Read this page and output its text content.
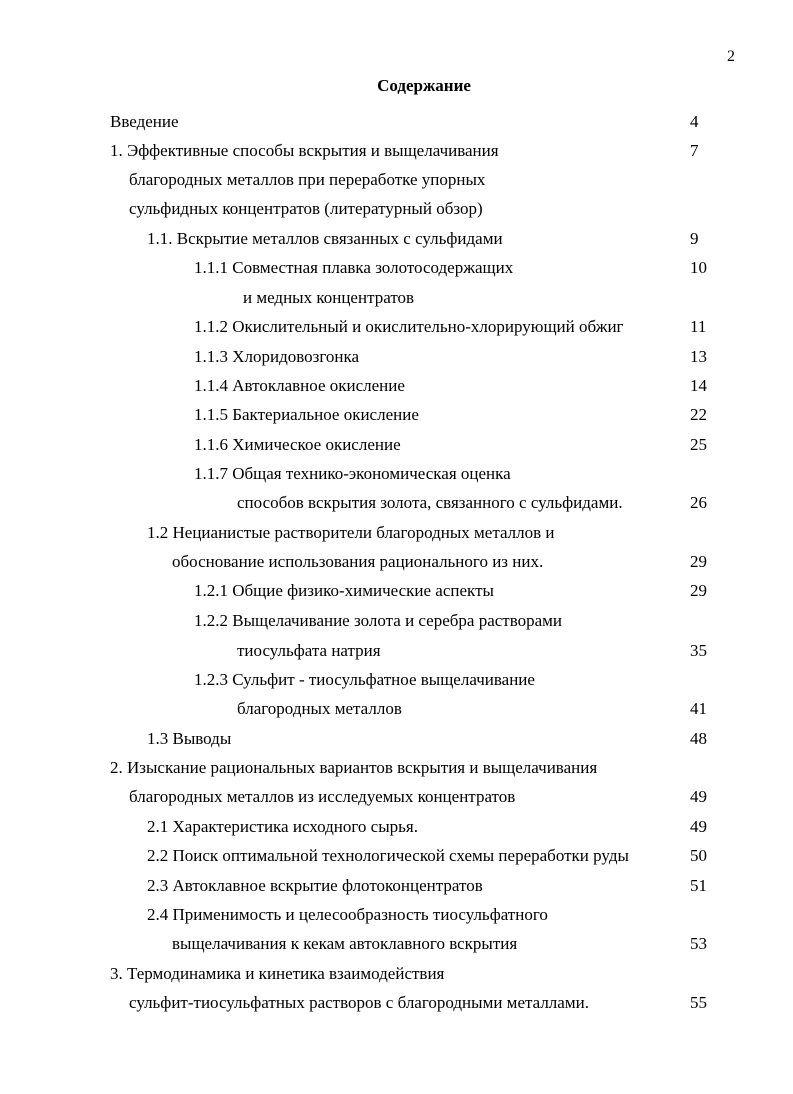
2
Содержание
Введение	4
1. Эффективные способы вскрытия и выщелачивания	7
благородных металлов при переработке упорных
сульфидных концентратов (литературный обзор)
1.1. Вскрытие металлов связанных с сульфидами	9
1.1.1 Совместная плавка золотосодержащих	10
и медных концентратов
1.1.2 Окислительный и окислительно-хлорирующий обжиг	11
1.1.3 Хлоридовозгонка	13
1.1.4 Автоклавное окисление	14
1.1.5 Бактериальное окисление	22
1.1.6 Химическое окисление	25
1.1.7 Общая технико-экономическая оценка
способов вскрытия золота, связанного с сульфидами.	26
1.2 Нецианистые растворители благородных металлов и
обоснование использования рационального из них.	29
1.2.1 Общие физико-химические аспекты	29
1.2.2 Выщелачивание золота и серебра растворами
тиосульфата натрия	35
1.2.3 Сульфит - тиосульфатное выщелачивание
благородных металлов	41
1.3 Выводы	48
2. Изыскание рациональных вариантов вскрытия и выщелачивания
благородных металлов из исследуемых концентратов	49
2.1 Характеристика исходного сырья.	49
2.2 Поиск оптимальной технологической схемы переработки руды	50
2.3 Автоклавное вскрытие флотоконцентратов	51
2.4 Применимость и целесообразность тиосульфатного
выщелачивания к кекам автоклавного вскрытия	53
3. Термодинамика и кинетика взаимодействия
сульфит-тиосульфатных растворов с благородными металлами.	55
